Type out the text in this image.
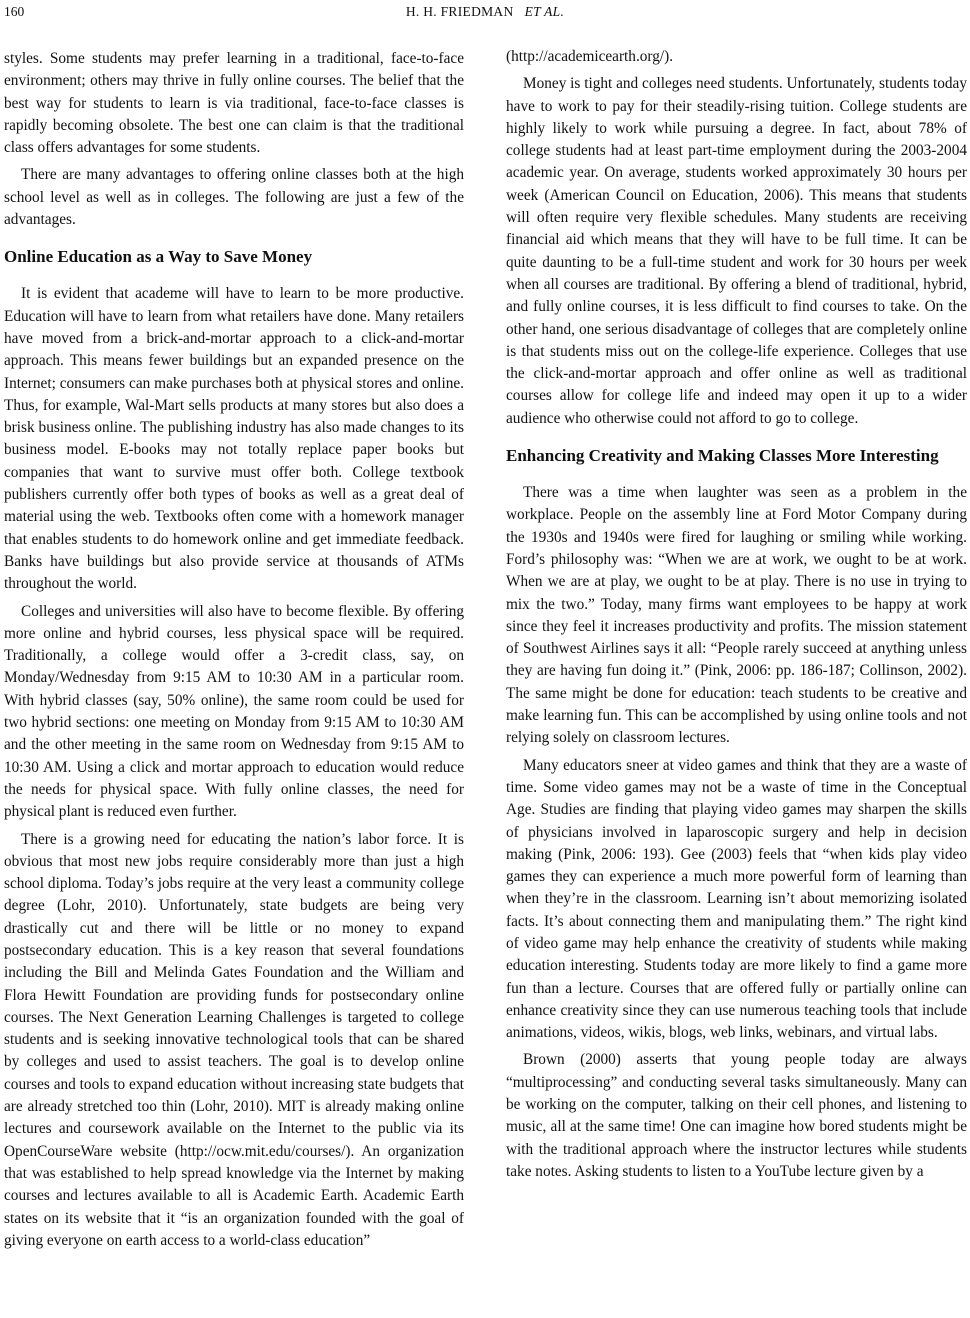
160	H. H. FRIEDMAN ET AL.

styles. Some students may prefer learning in a traditional, face-to-face environment; others may thrive in fully online courses. The belief that the best way for students to learn is via traditional, face-to-face classes is rapidly becoming obsolete. The best one can claim is that the traditional class offers advantages for some students.

There are many advantages to offering online classes both at the high school level as well as in colleges. The following are just a few of the advantages.

Online Education as a Way to Save Money

It is evident that academe will have to learn to be more productive. Education will have to learn from what retailers have done. Many retailers have moved from a brick-and-mortar approach to a click-and-mortar approach. This means fewer buildings but an expanded presence on the Internet; consumers can make purchases both at physical stores and online. Thus, for example, Wal-Mart sells products at many stores but also does a brisk business online. The publishing industry has also made changes to its business model. E-books may not totally replace paper books but companies that want to survive must offer both. College textbook publishers currently offer both types of books as well as a great deal of material using the web. Textbooks often come with a homework manager that enables students to do homework online and get immediate feedback. Banks have buildings but also provide service at thousands of ATMs throughout the world.

Colleges and universities will also have to become flexible. By offering more online and hybrid courses, less physical space will be required. Traditionally, a college would offer a 3-credit class, say, on Monday/Wednesday from 9:15 AM to 10:30 AM in a particular room. With hybrid classes (say, 50% online), the same room could be used for two hybrid sections: one meeting on Monday from 9:15 AM to 10:30 AM and the other meeting in the same room on Wednesday from 9:15 AM to 10:30 AM. Using a click and mortar approach to education would reduce the needs for physical space. With fully online classes, the need for physical plant is reduced even further.

There is a growing need for educating the nation’s labor force. It is obvious that most new jobs require considerably more than just a high school diploma. Today’s jobs require at the very least a community college degree (Lohr, 2010). Unfortunately, state budgets are being very drastically cut and there will be little or no money to expand postsecondary education. This is a key reason that several foundations including the Bill and Melinda Gates Foundation and the William and Flora Hewitt Foundation are providing funds for postsecondary online courses. The Next Generation Learning Challenges is targeted to college students and is seeking innovative technological tools that can be shared by colleges and used to assist teachers. The goal is to develop online courses and tools to expand education without increasing state budgets that are already stretched too thin (Lohr, 2010). MIT is already making online lectures and coursework available on the Internet to the public via its OpenCourseWare website (http://ocw.mit.edu/courses/). An organization that was established to help spread knowledge via the Internet by making courses and lectures available to all is Academic Earth. Academic Earth states on its website that it “is an organization founded with the goal of giving everyone on earth access to a world-class education”

(http://academicearth.org/).

Money is tight and colleges need students. Unfortunately, students today have to work to pay for their steadily-rising tuition. College students are highly likely to work while pursuing a degree. In fact, about 78% of college students had at least part-time employment during the 2003-2004 academic year. On average, students worked approximately 30 hours per week (American Council on Education, 2006). This means that students will often require very flexible schedules. Many students are receiving financial aid which means that they will have to be full time. It can be quite daunting to be a full-time student and work for 30 hours per week when all courses are traditional. By offering a blend of traditional, hybrid, and fully online courses, it is less difficult to find courses to take. On the other hand, one serious disadvantage of colleges that are completely online is that students miss out on the college-life experience. Colleges that use the click-and-mortar approach and offer online as well as traditional courses allow for college life and indeed may open it up to a wider audience who otherwise could not afford to go to college.

Enhancing Creativity and Making Classes More Interesting

There was a time when laughter was seen as a problem in the workplace. People on the assembly line at Ford Motor Company during the 1930s and 1940s were fired for laughing or smiling while working. Ford’s philosophy was: “When we are at work, we ought to be at work. When we are at play, we ought to be at play. There is no use in trying to mix the two.” Today, many firms want employees to be happy at work since they feel it increases productivity and profits. The mission statement of Southwest Airlines says it all: “People rarely succeed at anything unless they are having fun doing it.” (Pink, 2006: pp. 186-187; Collinson, 2002). The same might be done for education: teach students to be creative and make learning fun. This can be accomplished by using online tools and not relying solely on classroom lectures.

Many educators sneer at video games and think that they are a waste of time. Some video games may not be a waste of time in the Conceptual Age. Studies are finding that playing video games may sharpen the skills of physicians involved in laparoscopic surgery and help in decision making (Pink, 2006: 193). Gee (2003) feels that “when kids play video games they can experience a much more powerful form of learning than when they’re in the classroom. Learning isn’t about memorizing isolated facts. It’s about connecting them and manipulating them.” The right kind of video game may help enhance the creativity of students while making education interesting. Students today are more likely to find a game more fun than a lecture. Courses that are offered fully or partially online can enhance creativity since they can use numerous teaching tools that include animations, videos, wikis, blogs, web links, webinars, and virtual labs.

Brown (2000) asserts that young people today are always “multiprocessing” and conducting several tasks simultaneously. Many can be working on the computer, talking on their cell phones, and listening to music, all at the same time! One can imagine how bored students might be with the traditional approach where the instructor lectures while students take notes. Asking students to listen to a YouTube lecture given by a
